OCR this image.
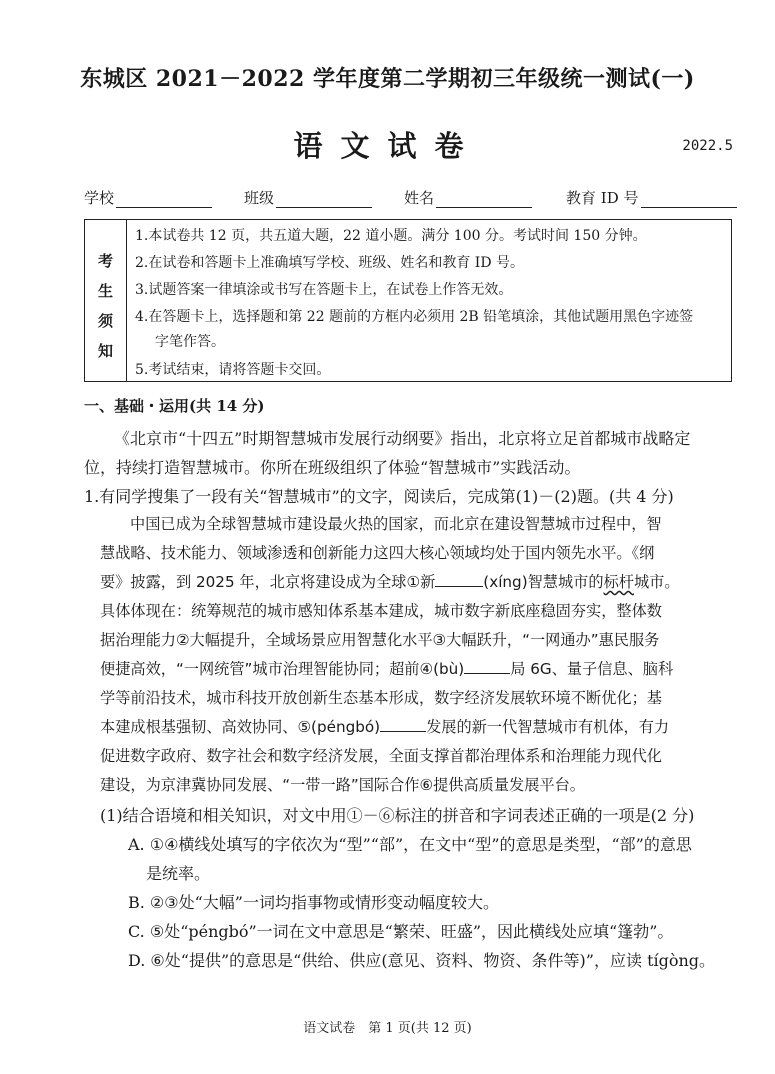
东城区 2021－2022 学年度第二学期初三年级统一测试(一)
语文试卷	2022.5
学校	班级	姓名	教育 ID 号
考
生
须
知
1.本试卷共 12 页，共五道大题，22 道小题。满分 100 分。考试时间 150 分钟。
2.在试卷和答题卡上准确填写学校、班级、姓名和教育 ID 号。
3.试题答案一律填涂或书写在答题卡上，在试卷上作答无效。
4.在答题卡上，选择题和第 22 题前的方框内必须用 2B 铅笔填涂，其他试题用黑色字迹签
字笔作答。
5.考试结束，请将答题卡交回。
一、基础・运用(共 14 分)
《北京市“十四五”时期智慧城市发展行动纲要》指出，北京将立足首都城市战略定
位，持续打造智慧城市。你所在班级组织了体验“智慧城市”实践活动。
1.有同学搜集了一段有关“智慧城市”的文字，阅读后，完成第(1)－(2)题。(共 4 分)
中国已成为全球智慧城市建设最火热的国家，而北京在建设智慧城市过程中，智
慧战略、技术能力、领域渗透和创新能力这四大核心领域均处于国内领先水平。《纲
要》披露，到 2025 年，北京将建设成为全球①新	(xíng)智慧城市的标杆城市。
具体体现在：统筹规范的城市感知体系基本建成，城市数字新底座稳固夯实，整体数
据治理能力②大幅提升，全域场景应用智慧化水平③大幅跃升，“一网通办”惠民服务
便捷高效，“一网统管”城市治理智能协同；超前④(bù)	局 6G、量子信息、脑科
学等前沿技术，城市科技开放创新生态基本形成，数字经济发展软环境不断优化；基
本建成根基强韧、高效协同、⑤(péngbó)	发展的新一代智慧城市有机体，有力
促进数字政府、数字社会和数字经济发展，全面支撑首都治理体系和治理能力现代化
建设，为京津冀协同发展、“一带一路”国际合作⑥提供高质量发展平台。
(1)结合语境和相关知识，对文中用①－⑥标注的拼音和字词表述正确的一项是(2 分)
A. ①④横线处填写的字依次为“型”“部”，在文中“型”的意思是类型，“部”的意思
是统率。
B. ②③处“大幅”一词均指事物或情形变动幅度较大。
C. ⑤处“péngbó”一词在文中意思是“繁荣、旺盛”，因此横线处应填“篷勃”。
D. ⑥处“提供”的意思是“供给、供应(意见、资料、物资、条件等)”，应读 tígòng。
语文试卷　第 1 页(共 12 页)
